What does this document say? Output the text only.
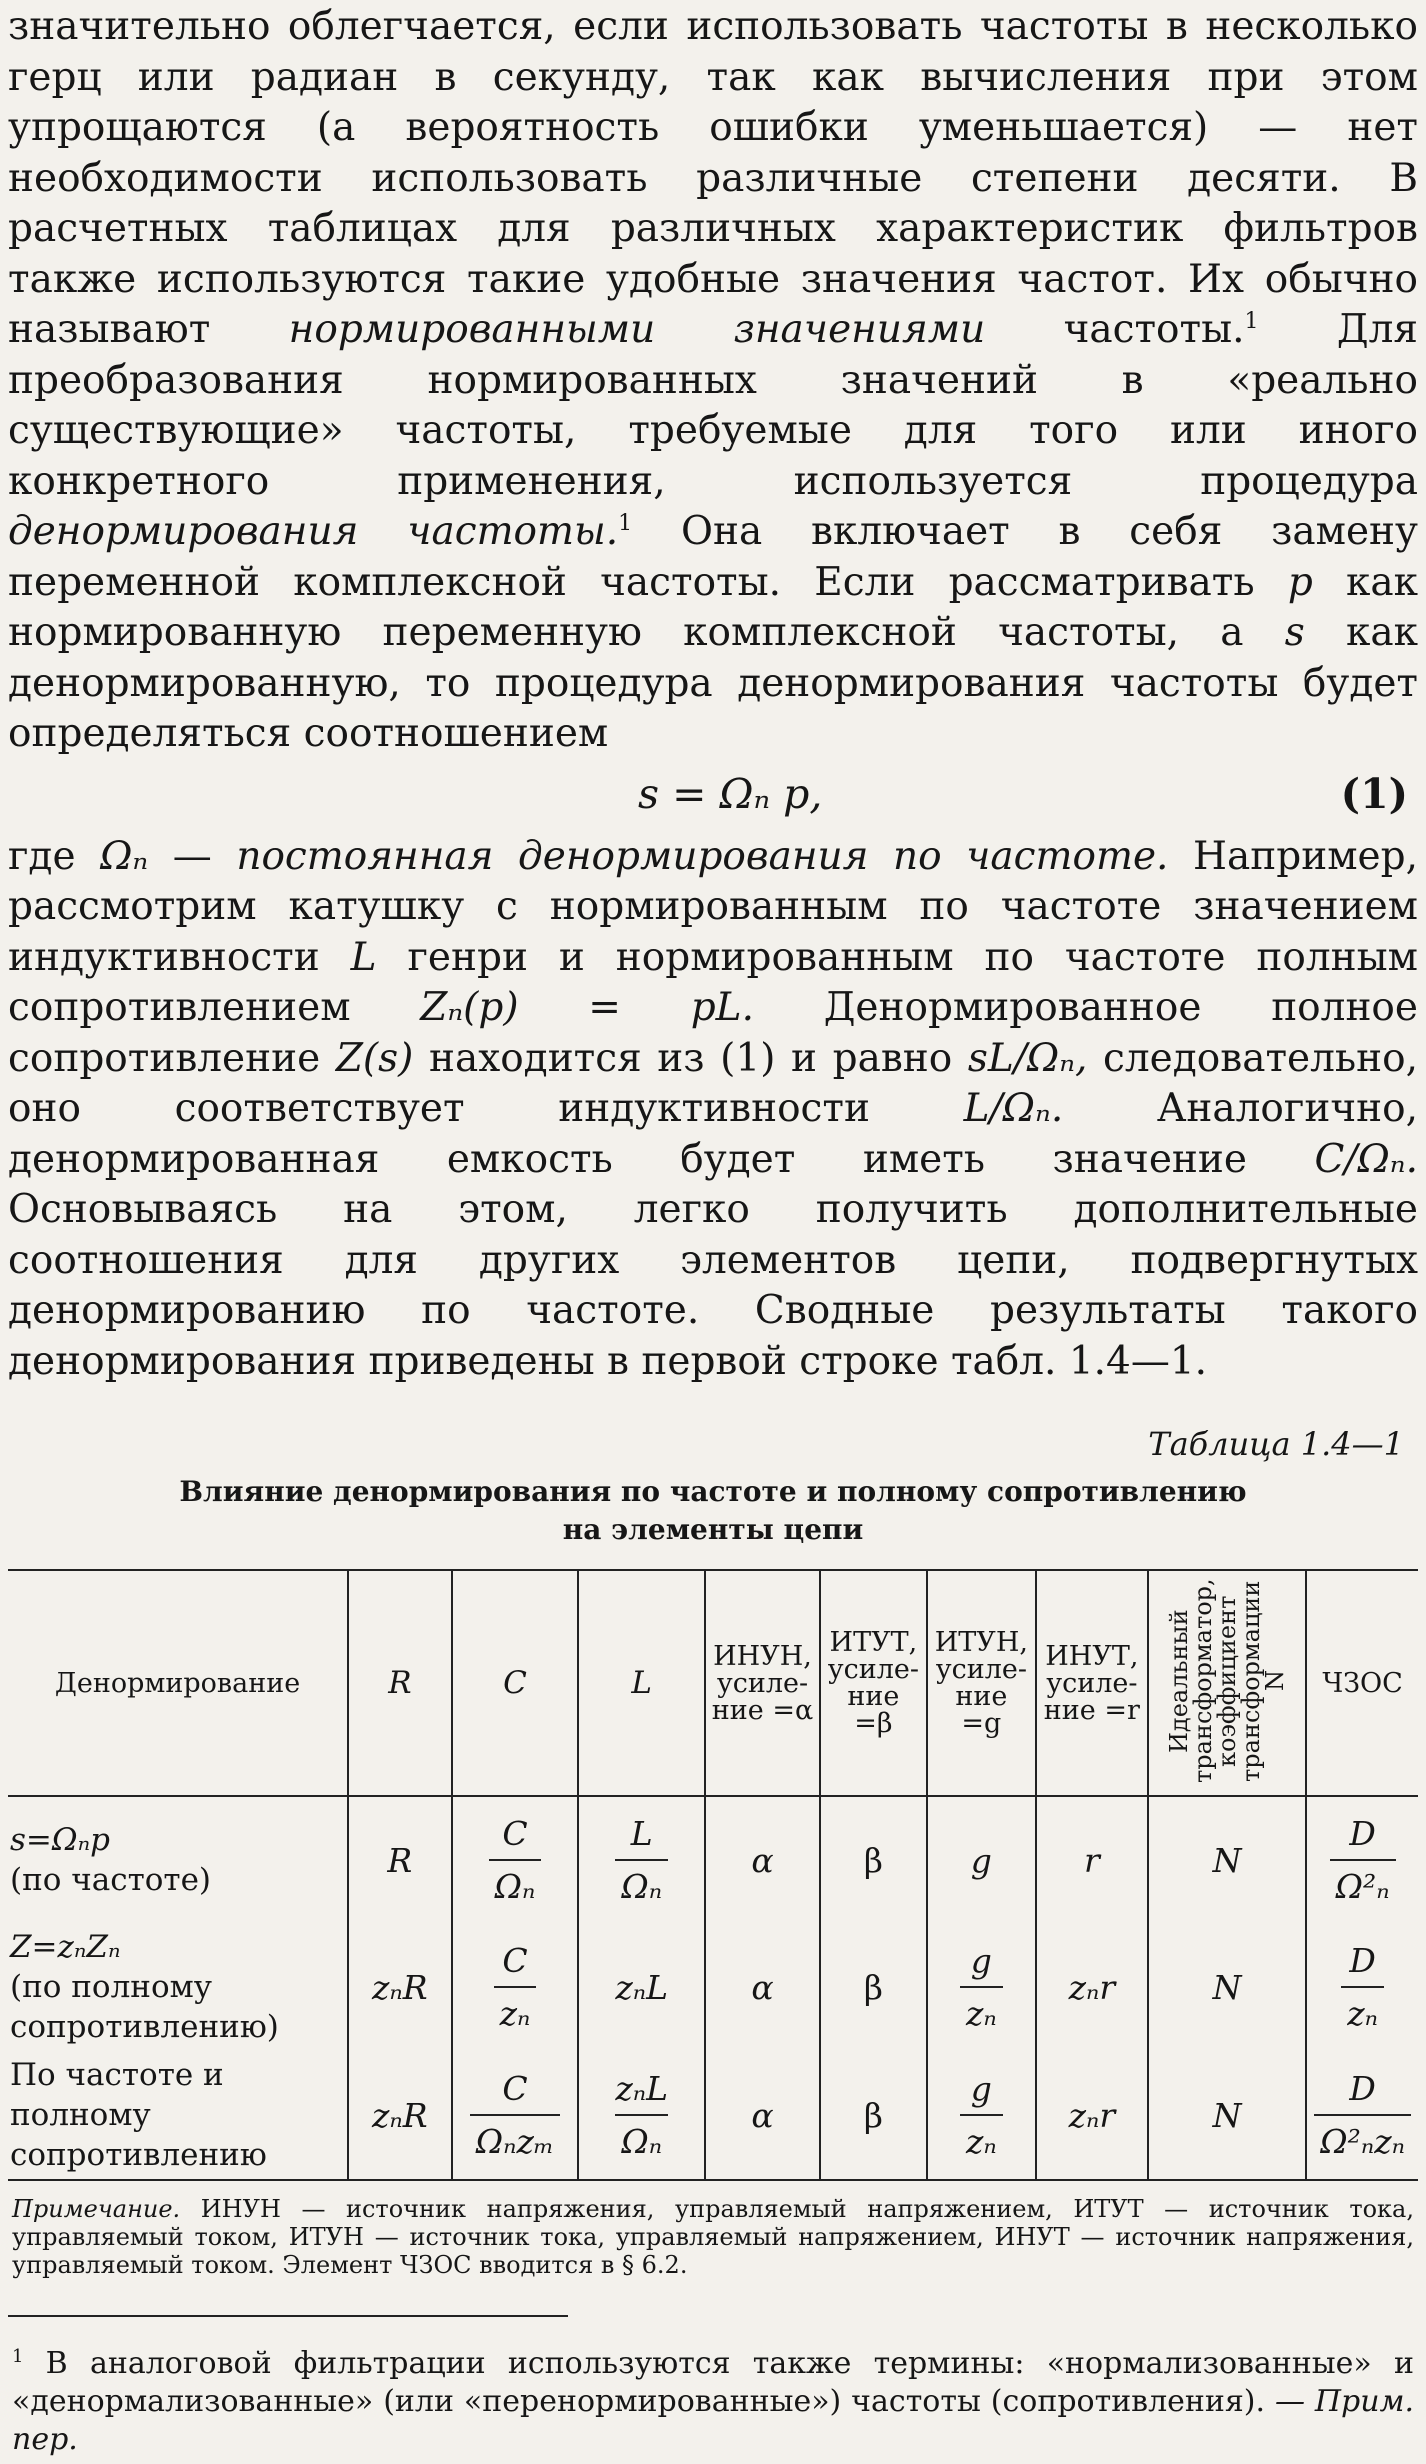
значительно облегчается, если использовать частоты в несколько герц или радиан в секунду, так как вычисления при этом упрощаются (а вероятность ошибки уменьшается) — нет необходимости использовать различные степени десяти. В расчетных таблицах для различных характеристик фильтров также используются такие удобные значения частот. Их обычно называют нормированными значениями частоты.$^1$ Для преобразования нормированных значений в «реально существующие» частоты, требуемые для того или иного конкретного применения, используется процедура денормирования частоты.$^1$ Она включает в себя замену переменной комплексной частоты. Если рассматривать p как нормированную переменную комплексной частоты, а s как денормированную, то процедура денормирования частоты будет определяться соотношением

s = Ωₙ p,	(1)

где Ωₙ — постоянная денормирования по частоте. Например, рассмотрим катушку с нормированным по частоте значением индуктивности L генри и нормированным по частоте полным сопротивлением Zₙ(p) = pL. Денормированное полное сопротивление Z(s) находится из (1) и равно sL/Ωₙ, следовательно, оно соответствует индуктивности L/Ωₙ. Аналогично, денормированная емкость будет иметь значение C/Ωₙ. Основываясь на этом, легко получить дополнительные соотношения для других элементов цепи, подвергнутых денормированию по частоте. Сводные результаты такого денормирования приведены в первой строке табл. 1.4—1.

Таблица 1.4—1
Влияние денормирования по частоте и полному сопротивлению
на элементы цепи
Денормирование	R	C	L	ИНУН, усиле-ние =α	ИТУТ, усиле-ние =β	ИТУН, усиле-ние =g	ИНУТ, усиле-ние =r	Идеальный трансформатор, коэффициент трансформации N	ЧЗОС
s=Ωₙp
(по частоте)	R	$\frac{C}{\text{Ωₙ}}$	$\frac{L}{\text{Ωₙ}}$	α	β	g	r	N	$\frac{D}{\text{Ω²ₙ}}$

Z=zₙZₙ
(по полному сопротивлению)	zₙR	$\frac{C}{\text{zₙ}}$	zₙL	α	β	$\frac{g}{\text{zₙ}}$	zₙr	N	$\frac{D}{\text{zₙ}}$

По частоте и полному сопротивлению	zₙR	$\frac{C}{\text{Ωₙzₘ}}$	$\frac{\text{zₙL}}{\text{Ωₙ}}$	α	β	$\frac{g}{\text{zₙ}}$	zₙr	N	$\frac{D}{\text{Ω²ₙzₙ}}$

Примечание. ИНУН — источник напряжения, управляемый напряжением, ИТУТ — источник тока, управляемый током, ИТУН — источник тока, управляемый напряжением, ИНУТ — источник напряжения, управляемый током. Элемент ЧЗОС вводится в § 6.2.

$^1$ В аналоговой фильтрации используются также термины: «нормализованные» и «денормализованные» (или «перенормированные») частоты (сопротивления). — Прим. пер.
